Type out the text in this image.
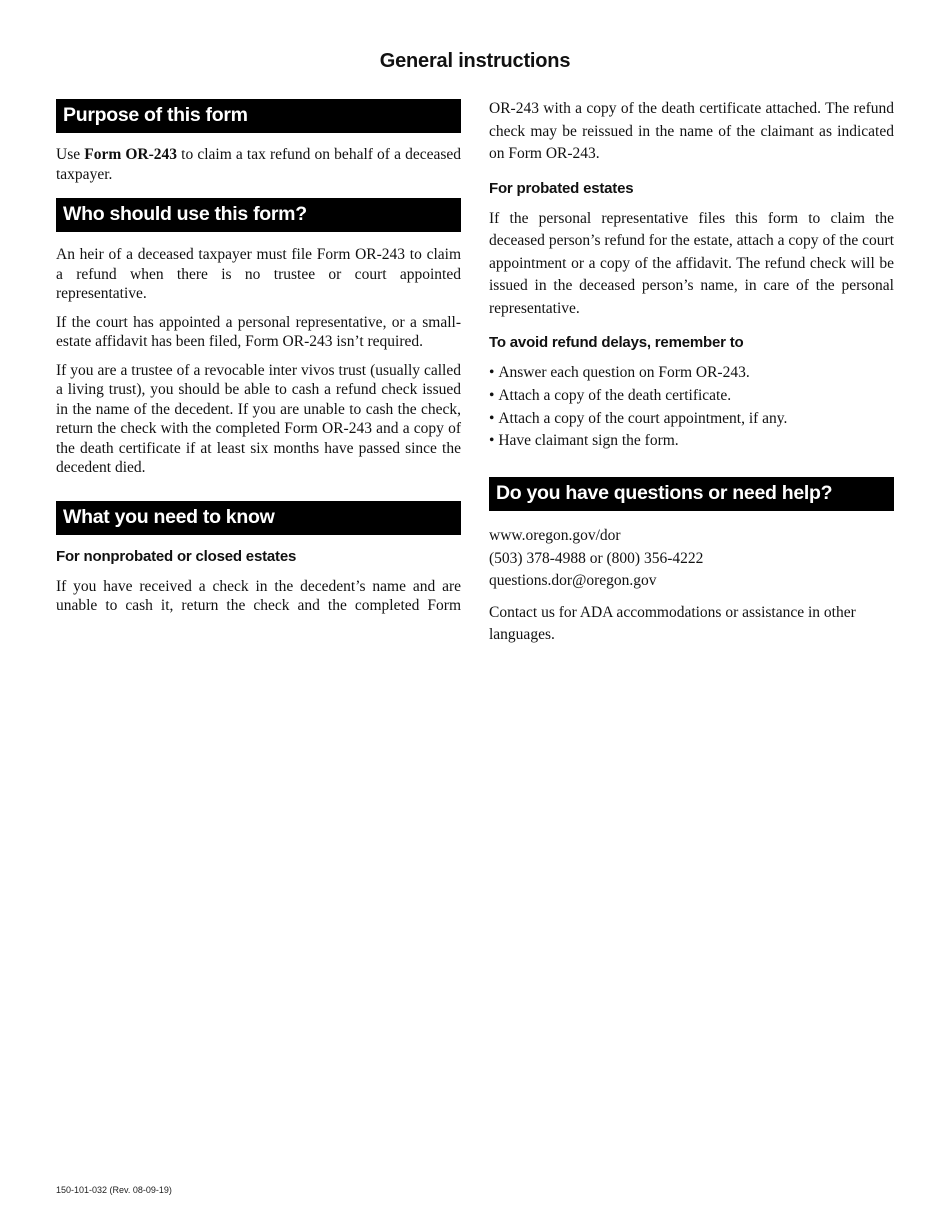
General instructions
Purpose of this form

Use Form OR-243 to claim a tax refund on behalf of a deceased taxpayer.

Who should use this form?

An heir of a deceased taxpayer must file Form OR-243 to claim a refund when there is no trustee or court appointed representative.

If the court has appointed a personal representative, or a small-estate affidavit has been filed, Form OR-243 isn’t required.

If you are a trustee of a revocable inter vivos trust (usually called a living trust), you should be able to cash a refund check issued in the name of the decedent. If you are unable to cash the check, return the check with the completed Form OR-243 and a copy of the death certificate if at least six months have passed since the decedent died.

What you need to know
For nonprobated or closed estates

If you have received a check in the decedent’s name and are unable to cash it, return the check and the completed Form

OR-243 with a copy of the death certificate attached. The refund check may be reissued in the name of the claimant as indicated on Form OR-243.

For probated estates

If the personal representative files this form to claim the deceased person’s refund for the estate, attach a copy of the court appointment or a copy of the affidavit. The refund check will be issued in the deceased person’s name, in care of the personal representative.

To avoid refund delays, remember to
• Answer each question on Form OR-243.
• Attach a copy of the death certificate.
• Attach a copy of the court appointment, if any.
• Have claimant sign the form.
Do you have questions or need help?
www.oregon.gov/dor
(503) 378-4988 or (800) 356-4222
questions.dor@oregon.gov

Contact us for ADA accommodations or assistance in other languages.

150-101-032 (Rev. 08-09-19)
